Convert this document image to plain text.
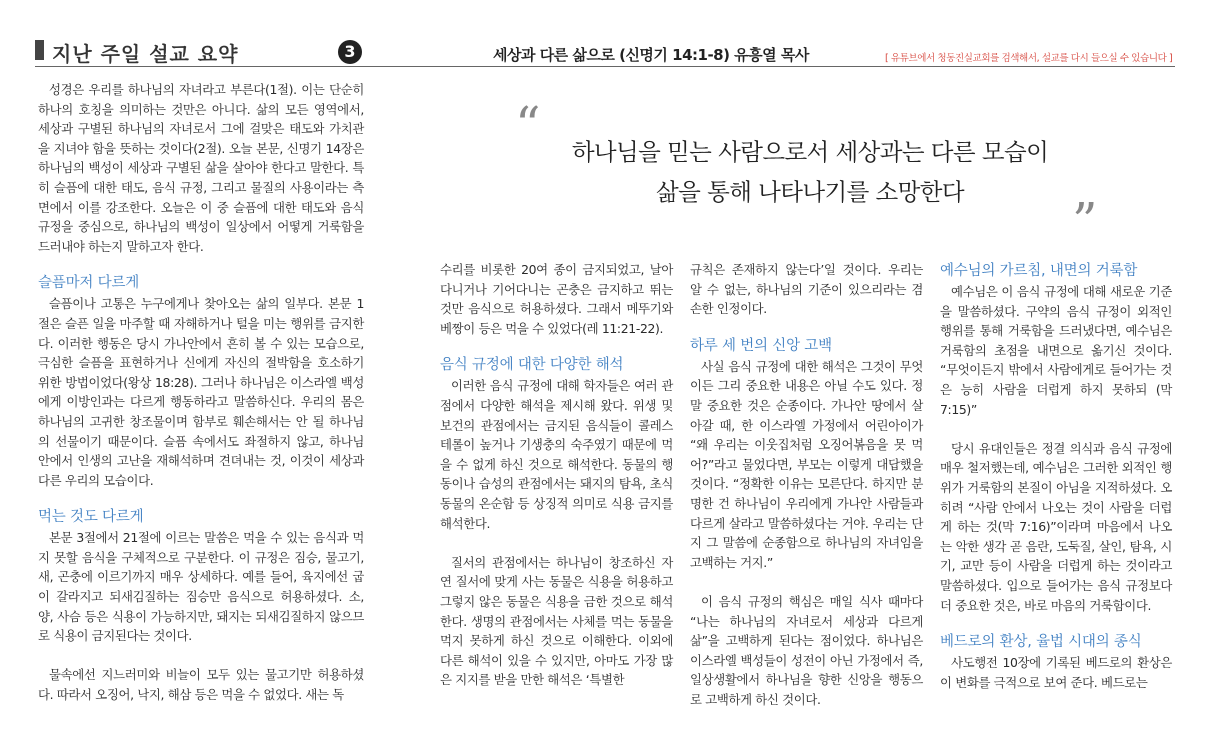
지난 주일 설교 요약	3	세상과 다른 삶으로 (신명기 14:1-8) 유흥열 목사	[ 유튜브에서 청동진실교회를 검색해서, 설교를 다시 들으실 수 있습니다 ]

성경은 우리를 하나님의 자녀라고 부른다(1절). 이는 단순히 하나의 호칭을 의미하는 것만은 아니다. 삶의 모든 영역에서, 세상과 구별된 하나님의 자녀로서 그에 걸맞은 태도와 가치관을 지녀야 함을 뜻하는 것이다(2절). 오늘 본문, 신명기 14장은 하나님의 백성이 세상과 구별된 삶을 살아야 한다고 말한다. 특히 슬픔에 대한 태도, 음식 규정, 그리고 물질의 사용이라는 측면에서 이를 강조한다. 오늘은 이 중 슬픔에 대한 태도와 음식 규정을 중심으로, 하나님의 백성이 일상에서 어떻게 거룩함을 드러내야 하는지 말하고자 한다.

슬픔마저 다르게

슬픔이나 고통은 누구에게나 찾아오는 삶의 일부다. 본문 1절은 슬픈 일을 마주할 때 자해하거나 털을 미는 행위를 금지한다. 이러한 행동은 당시 가나안에서 흔히 볼 수 있는 모습으로, 극심한 슬픔을 표현하거나 신에게 자신의 절박함을 호소하기 위한 방법이었다(왕상 18:28). 그러나 하나님은 이스라엘 백성에게 이방인과는 다르게 행동하라고 말씀하신다. 우리의 몸은 하나님의 고귀한 창조물이며 함부로 훼손해서는 안 될 하나님의 선물이기 때문이다. 슬픔 속에서도 좌절하지 않고, 하나님 안에서 인생의 고난을 재해석하며 견뎌내는 것, 이것이 세상과 다른 우리의 모습이다.

먹는 것도 다르게

본문 3절에서 21절에 이르는 말씀은 먹을 수 있는 음식과 먹지 못할 음식을 구체적으로 구분한다. 이 규정은 짐승, 물고기, 새, 곤충에 이르기까지 매우 상세하다. 예를 들어, 육지에선 굽이 갈라지고 되새김질하는 짐승만 음식으로 허용하셨다. 소, 양, 사슴 등은 식용이 가능하지만, 돼지는 되새김질하지 않으므로 식용이 금지된다는 것이다.

물속에선 지느러미와 비늘이 모두 있는 물고기만 허용하셨다. 따라서 오징어, 낙지, 해삼 등은 먹을 수 없었다. 새는 독

“	하나님을 믿는 사람으로서 세상과는 다른 모습이
삶을 통해 나타나기를 소망한다	”

수리를 비롯한 20여 종이 금지되었고, 날아다니거나 기어다니는 곤충은 금지하고 뛰는 것만 음식으로 허용하셨다. 그래서 메뚜기와 베짱이 등은 먹을 수 있었다(레 11:21-22).

음식 규정에 대한 다양한 해석

이러한 음식 규정에 대해 학자들은 여러 관점에서 다양한 해석을 제시해 왔다. 위생 및 보건의 관점에서는 금지된 음식들이 콜레스테롤이 높거나 기생충의 숙주였기 때문에 먹을 수 없게 하신 것으로 해석한다. 동물의 행동이나 습성의 관점에서는 돼지의 탐욕, 초식 동물의 온순함 등 상징적 의미로 식용 금지를 해석한다.

질서의 관점에서는 하나님이 창조하신 자연 질서에 맞게 사는 동물은 식용을 허용하고 그렇지 않은 동물은 식용을 금한 것으로 해석한다. 생명의 관점에서는 사체를 먹는 동물을 먹지 못하게 하신 것으로 이해한다. 이외에 다른 해석이 있을 수 있지만, 아마도 가장 많은 지지를 받을 만한 해석은 ‘특별한

규칙은 존재하지 않는다’일 것이다. 우리는 알 수 없는, 하나님의 기준이 있으리라는 겸손한 인정이다.

하루 세 번의 신앙 고백

사실 음식 규정에 대한 해석은 그것이 무엇이든 그리 중요한 내용은 아닐 수도 있다. 정말 중요한 것은 순종이다. 가나안 땅에서 살아갈 때, 한 이스라엘 가정에서 어린아이가 “왜 우리는 이웃집처럼 오징어볶음을 못 먹어?”라고 물었다면, 부모는 이렇게 대답했을 것이다. “정확한 이유는 모른단다. 하지만 분명한 건 하나님이 우리에게 가나안 사람들과 다르게 살라고 말씀하셨다는 거야. 우리는 단지 그 말씀에 순종함으로 하나님의 자녀임을 고백하는 거지.”

이 음식 규정의 핵심은 매일 식사 때마다 “나는 하나님의 자녀로서 세상과 다르게 삶”을 고백하게 된다는 점이었다. 하나님은 이스라엘 백성들이 성전이 아닌 가정에서 즉, 일상생활에서 하나님을 향한 신앙을 행동으로 고백하게 하신 것이다.

예수님의 가르침, 내면의 거룩함

예수님은 이 음식 규정에 대해 새로운 기준을 말씀하셨다. 구약의 음식 규정이 외적인 행위를 통해 거룩함을 드러냈다면, 예수님은 거룩함의 초점을 내면으로 옮기신 것이다. “무엇이든지 밖에서 사람에게로 들어가는 것은 능히 사람을 더럽게 하지 못하되 (막 7:15)”

당시 유대인들은 정결 의식과 음식 규정에 매우 철저했는데, 예수님은 그러한 외적인 행위가 거룩함의 본질이 아님을 지적하셨다. 오히려 “사람 안에서 나오는 것이 사람을 더럽게 하는 것(막 7:16)”이라며 마음에서 나오는 악한 생각 곧 음란, 도둑질, 살인, 탐욕, 시기, 교만 등이 사람을 더럽게 하는 것이라고 말씀하셨다. 입으로 들어가는 음식 규정보다 더 중요한 것은, 바로 마음의 거룩함이다.

베드로의 환상, 율법 시대의 종식

사도행전 10장에 기록된 베드로의 환상은 이 변화를 극적으로 보여 준다. 베드로는
